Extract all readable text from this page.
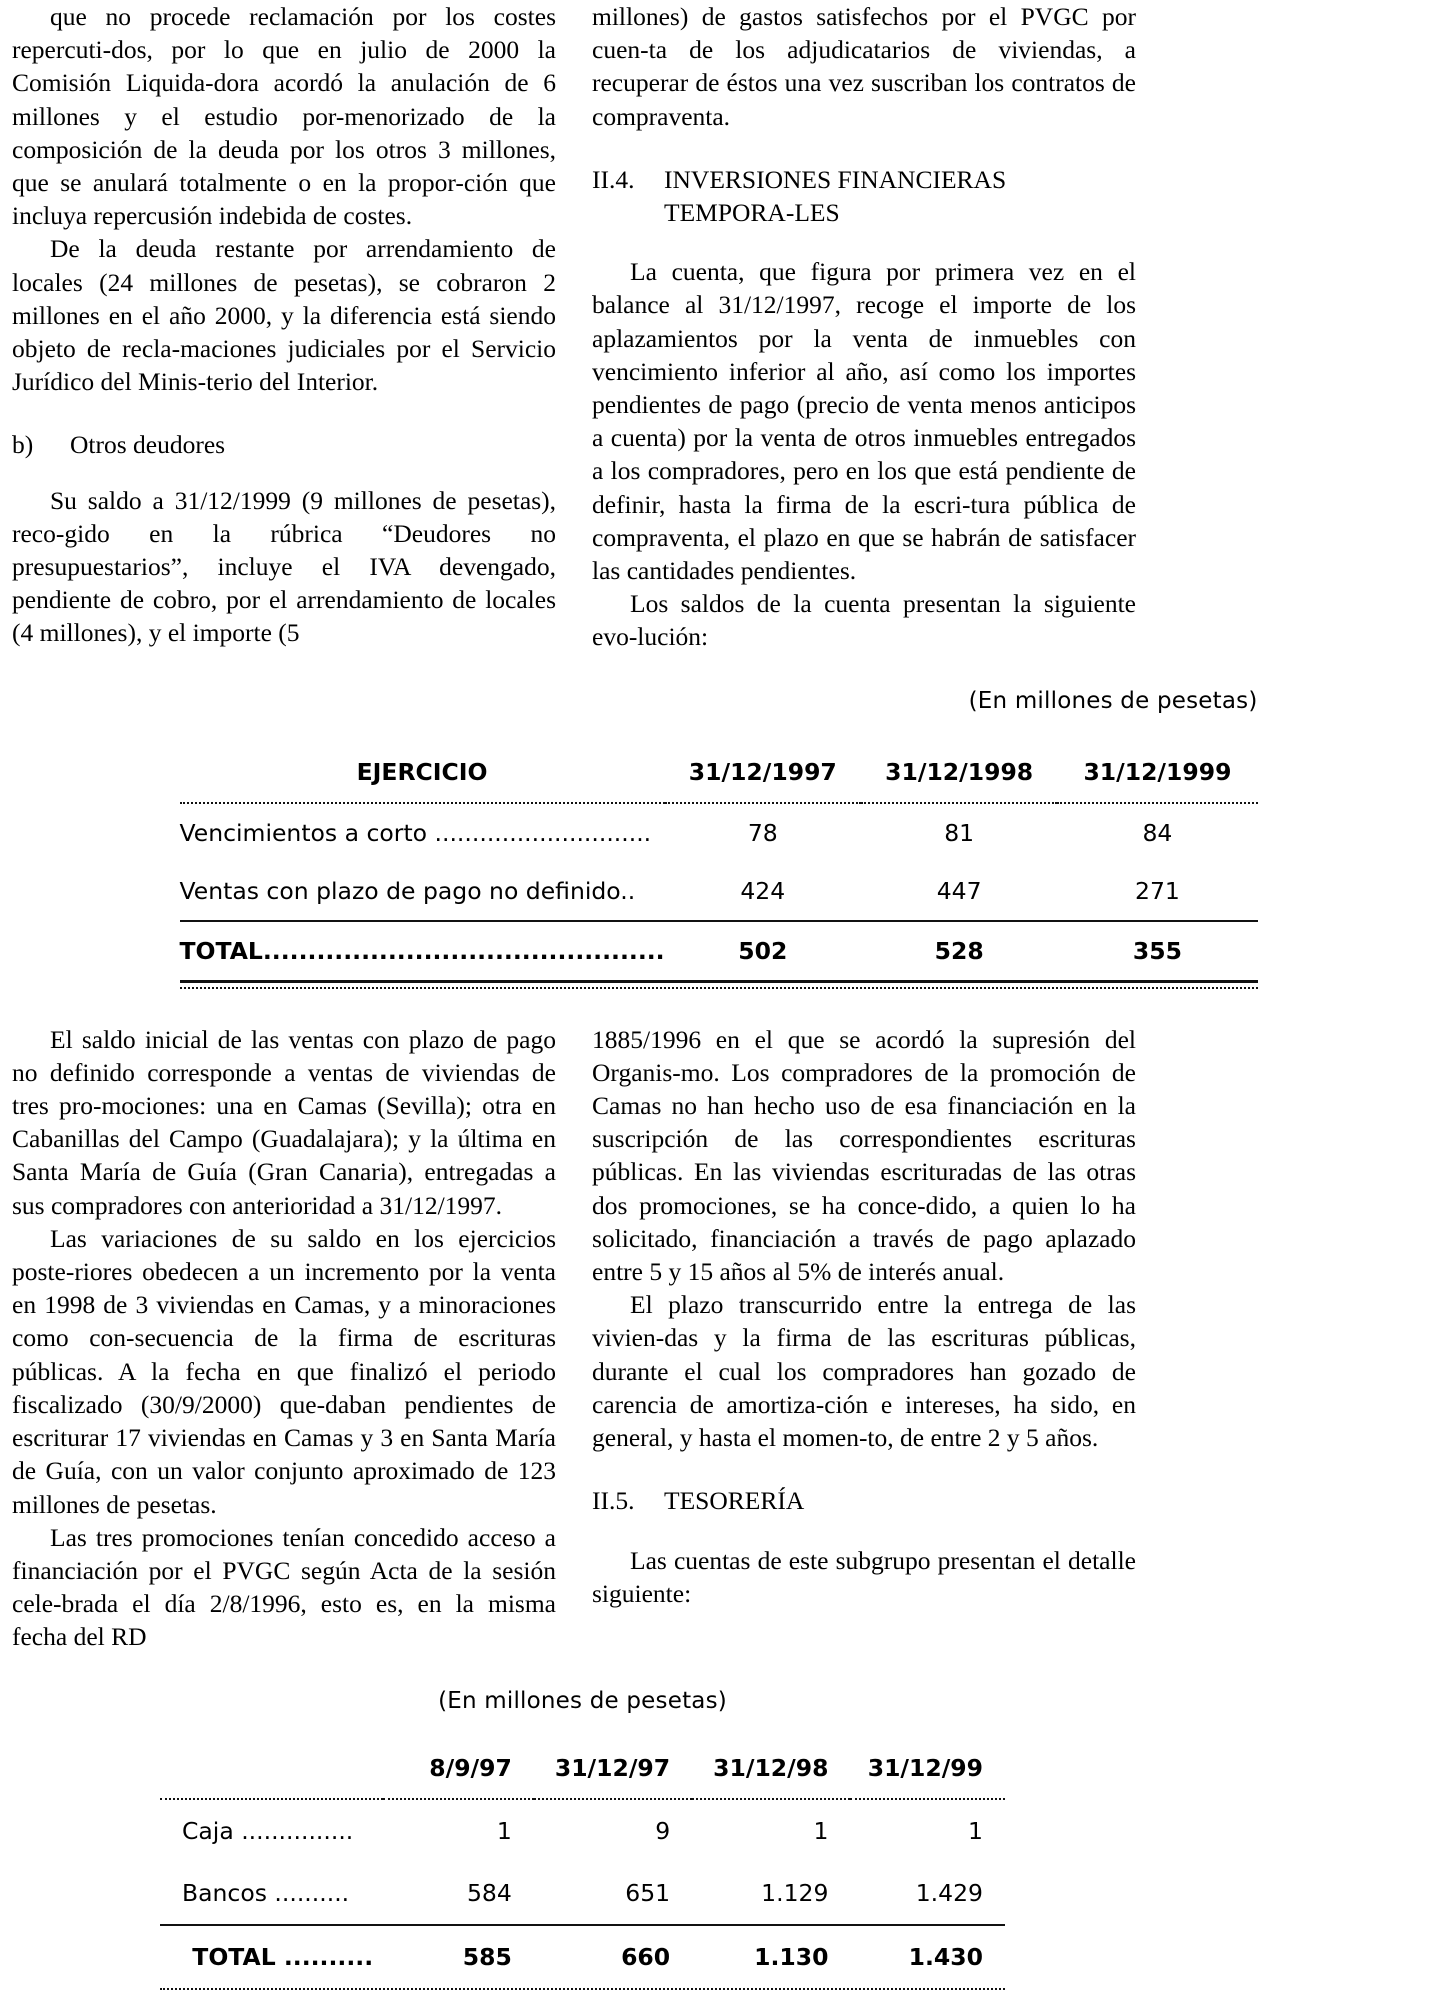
que no procede reclamación por los costes repercuti-dos, por lo que en julio de 2000 la Comisión Liquida-dora acordó la anulación de 6 millones y el estudio por-menorizado de la composición de la deuda por los otros 3 millones, que se anulará totalmente o en la propor-ción que incluya repercusión indebida de costes.

De la deuda restante por arrendamiento de locales (24 millones de pesetas), se cobraron 2 millones en el año 2000, y la diferencia está siendo objeto de recla-maciones judiciales por el Servicio Jurídico del Minis-terio del Interior.

b)	Otros deudores

Su saldo a 31/12/1999 (9 millones de pesetas), reco-gido en la rúbrica “Deudores no presupuestarios”, incluye el IVA devengado, pendiente de cobro, por el arrendamiento de locales (4 millones), y el importe (5

millones) de gastos satisfechos por el PVGC por cuen-ta de los adjudicatarios de viviendas, a recuperar de éstos una vez suscriban los contratos de compraventa.

II.4.	INVERSIONES FINANCIERAS TEMPORA-LES

La cuenta, que figura por primera vez en el balance al 31/12/1997, recoge el importe de los aplazamientos por la venta de inmuebles con vencimiento inferior al año, así como los importes pendientes de pago (precio de venta menos anticipos a cuenta) por la venta de otros inmuebles entregados a los compradores, pero en los que está pendiente de definir, hasta la firma de la escri-tura pública de compraventa, el plazo en que se habrán de satisfacer las cantidades pendientes.

Los saldos de la cuenta presentan la siguiente evo-lución:

(En millones de pesetas)
EJERCICIO	31/12/1997	31/12/1998	31/12/1999
Vencimientos a corto .............................	78	81	84
Ventas con plazo de pago no definido..	424	447	271
TOTAL.............................................	502	528	355

El saldo inicial de las ventas con plazo de pago no definido corresponde a ventas de viviendas de tres pro-mociones: una en Camas (Sevilla); otra en Cabanillas del Campo (Guadalajara); y la última en Santa María de Guía (Gran Canaria), entregadas a sus compradores con anterioridad a 31/12/1997.

Las variaciones de su saldo en los ejercicios poste-riores obedecen a un incremento por la venta en 1998 de 3 viviendas en Camas, y a minoraciones como con-secuencia de la firma de escrituras públicas. A la fecha en que finalizó el periodo fiscalizado (30/9/2000) que-daban pendientes de escriturar 17 viviendas en Camas y 3 en Santa María de Guía, con un valor conjunto aproximado de 123 millones de pesetas.

Las tres promociones tenían concedido acceso a financiación por el PVGC según Acta de la sesión cele-brada el día 2/8/1996, esto es, en la misma fecha del RD

1885/1996 en el que se acordó la supresión del Organis-mo. Los compradores de la promoción de Camas no han hecho uso de esa financiación en la suscripción de las correspondientes escrituras públicas. En las viviendas escrituradas de las otras dos promociones, se ha conce-dido, a quien lo ha solicitado, financiación a través de pago aplazado entre 5 y 15 años al 5% de interés anual.

El plazo transcurrido entre la entrega de las vivien-das y la firma de las escrituras públicas, durante el cual los compradores han gozado de carencia de amortiza-ción e intereses, ha sido, en general, y hasta el momen-to, de entre 2 y 5 años.

II.5.	TESORERÍA

Las cuentas de este subgrupo presentan el detalle siguiente:

(En millones de pesetas)
	8/9/97	31/12/97	31/12/98	31/12/99
Caja ...............	1	9	1	1
Bancos ..........	584	651	1.129	1.429
TOTAL ..........	585	660	1.130	1.430
